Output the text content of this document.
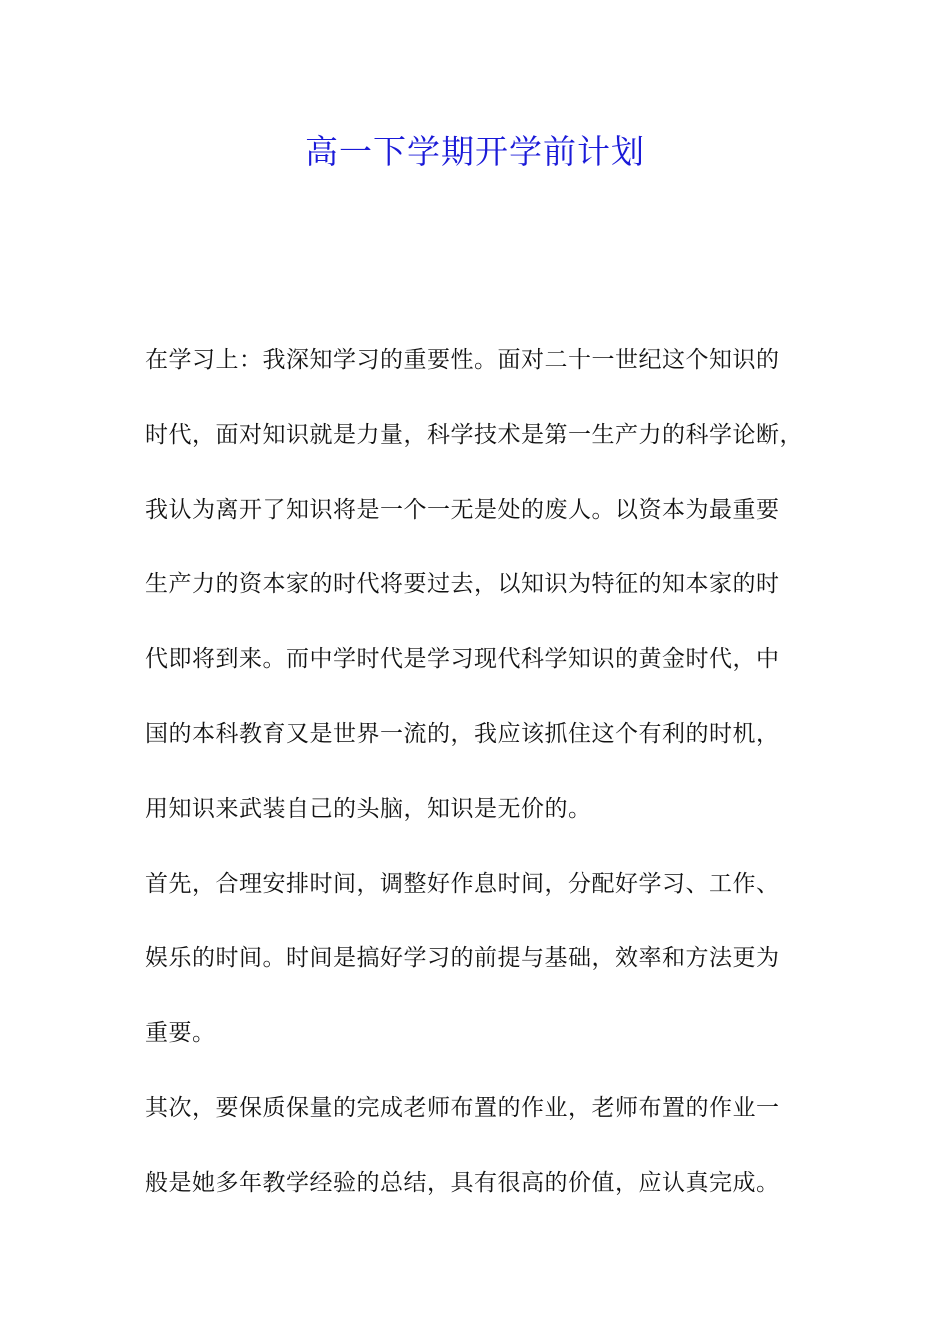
高一下学期开学前计划
在学习上：我深知学习的重要性。面对二十一世纪这个知识的
时代，面对知识就是力量，科学技术是第一生产力的科学论断，
我认为离开了知识将是一个一无是处的废人。以资本为最重要
生产力的资本家的时代将要过去，以知识为特征的知本家的时
代即将到来。而中学时代是学习现代科学知识的黄金时代，中
国的本科教育又是世界一流的，我应该抓住这个有利的时机，
用知识来武装自己的头脑，知识是无价的。
首先，合理安排时间，调整好作息时间，分配好学习、工作、
娱乐的时间。时间是搞好学习的前提与基础，效率和方法更为
重要。
其次，要保质保量的完成老师布置的作业，老师布置的作业一
般是她多年教学经验的总结，具有很高的价值，应认真完成。
